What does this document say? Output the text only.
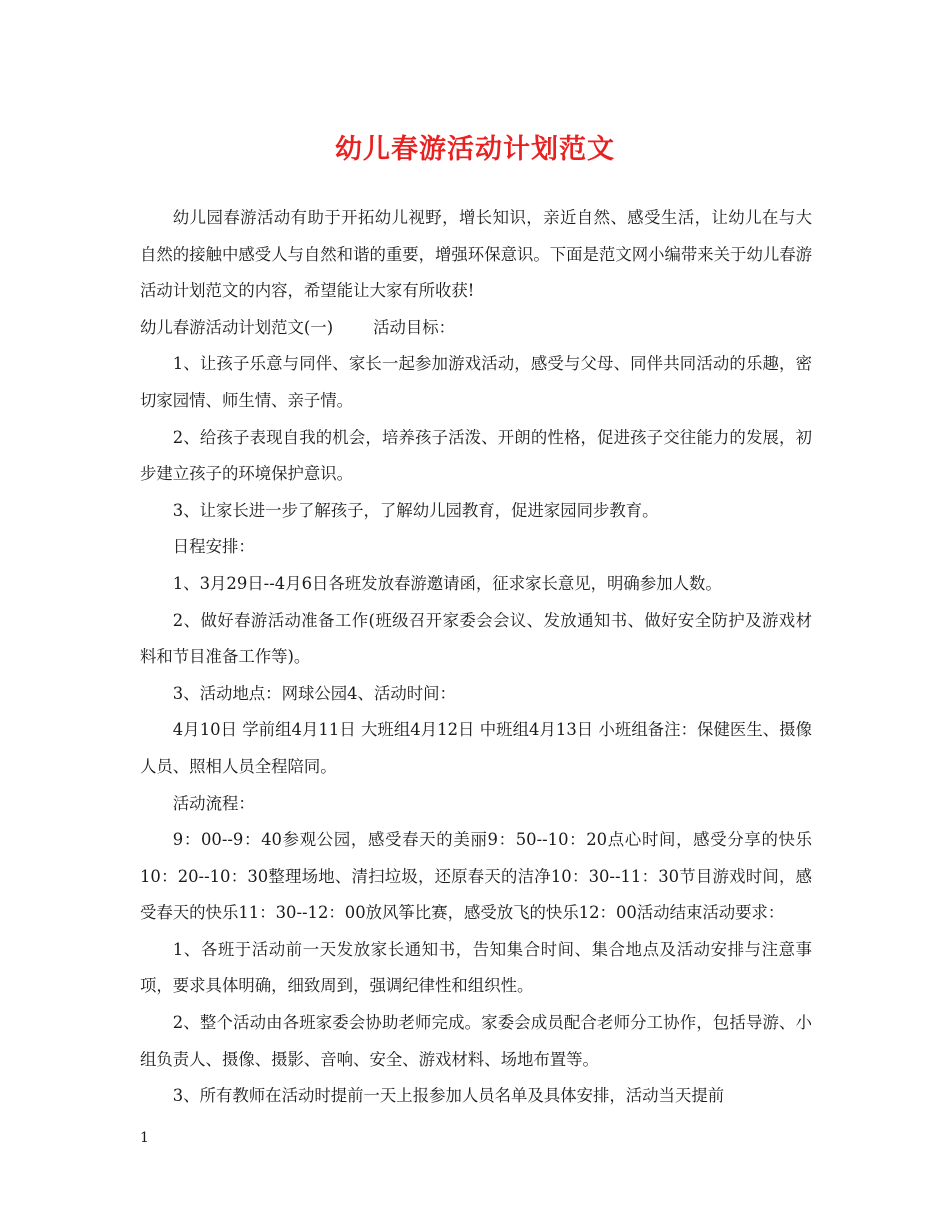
幼儿春游活动计划范文

幼儿园春游活动有助于开拓幼儿视野，增长知识，亲近自然、感受生活，让幼儿在与大自然的接触中感受人与自然和谐的重要，增强环保意识。下面是范文网小编带来关于幼儿春游活动计划范文的内容，希望能让大家有所收获!

幼儿春游活动计划范文(一) 活动目标：

1、让孩子乐意与同伴、家长一起参加游戏活动，感受与父母、同伴共同活动的乐趣，密切家园情、师生情、亲子情。

2、给孩子表现自我的机会，培养孩子活泼、开朗的性格，促进孩子交往能力的发展，初步建立孩子的环境保护意识。

3、让家长进一步了解孩子，了解幼儿园教育，促进家园同步教育。

日程安排：

1、3月29日--4月6日各班发放春游邀请函，征求家长意见，明确参加人数。

2、做好春游活动准备工作(班级召开家委会会议、发放通知书、做好安全防护及游戏材料和节目准备工作等)。

3、活动地点：网球公园4、活动时间：

4月10日 学前组4月11日 大班组4月12日 中班组4月13日 小班组备注：保健医生、摄像人员、照相人员全程陪同。

活动流程：

9：00--9：40参观公园，感受春天的美丽9：50--10：20点心时间，感受分享的快乐10：20--10：30整理场地、清扫垃圾，还原春天的洁净10：30--11：30节目游戏时间，感受春天的快乐11：30--12：00放风筝比赛，感受放飞的快乐12：00活动结束活动要求：

1、各班于活动前一天发放家长通知书，告知集合时间、集合地点及活动安排与注意事项，要求具体明确，细致周到，强调纪律性和组织性。

2、整个活动由各班家委会协助老师完成。家委会成员配合老师分工协作，包括导游、小组负责人、摄像、摄影、音响、安全、游戏材料、场地布置等。

3、所有教师在活动时提前一天上报参加人员名单及具体安排，活动当天提前

1
